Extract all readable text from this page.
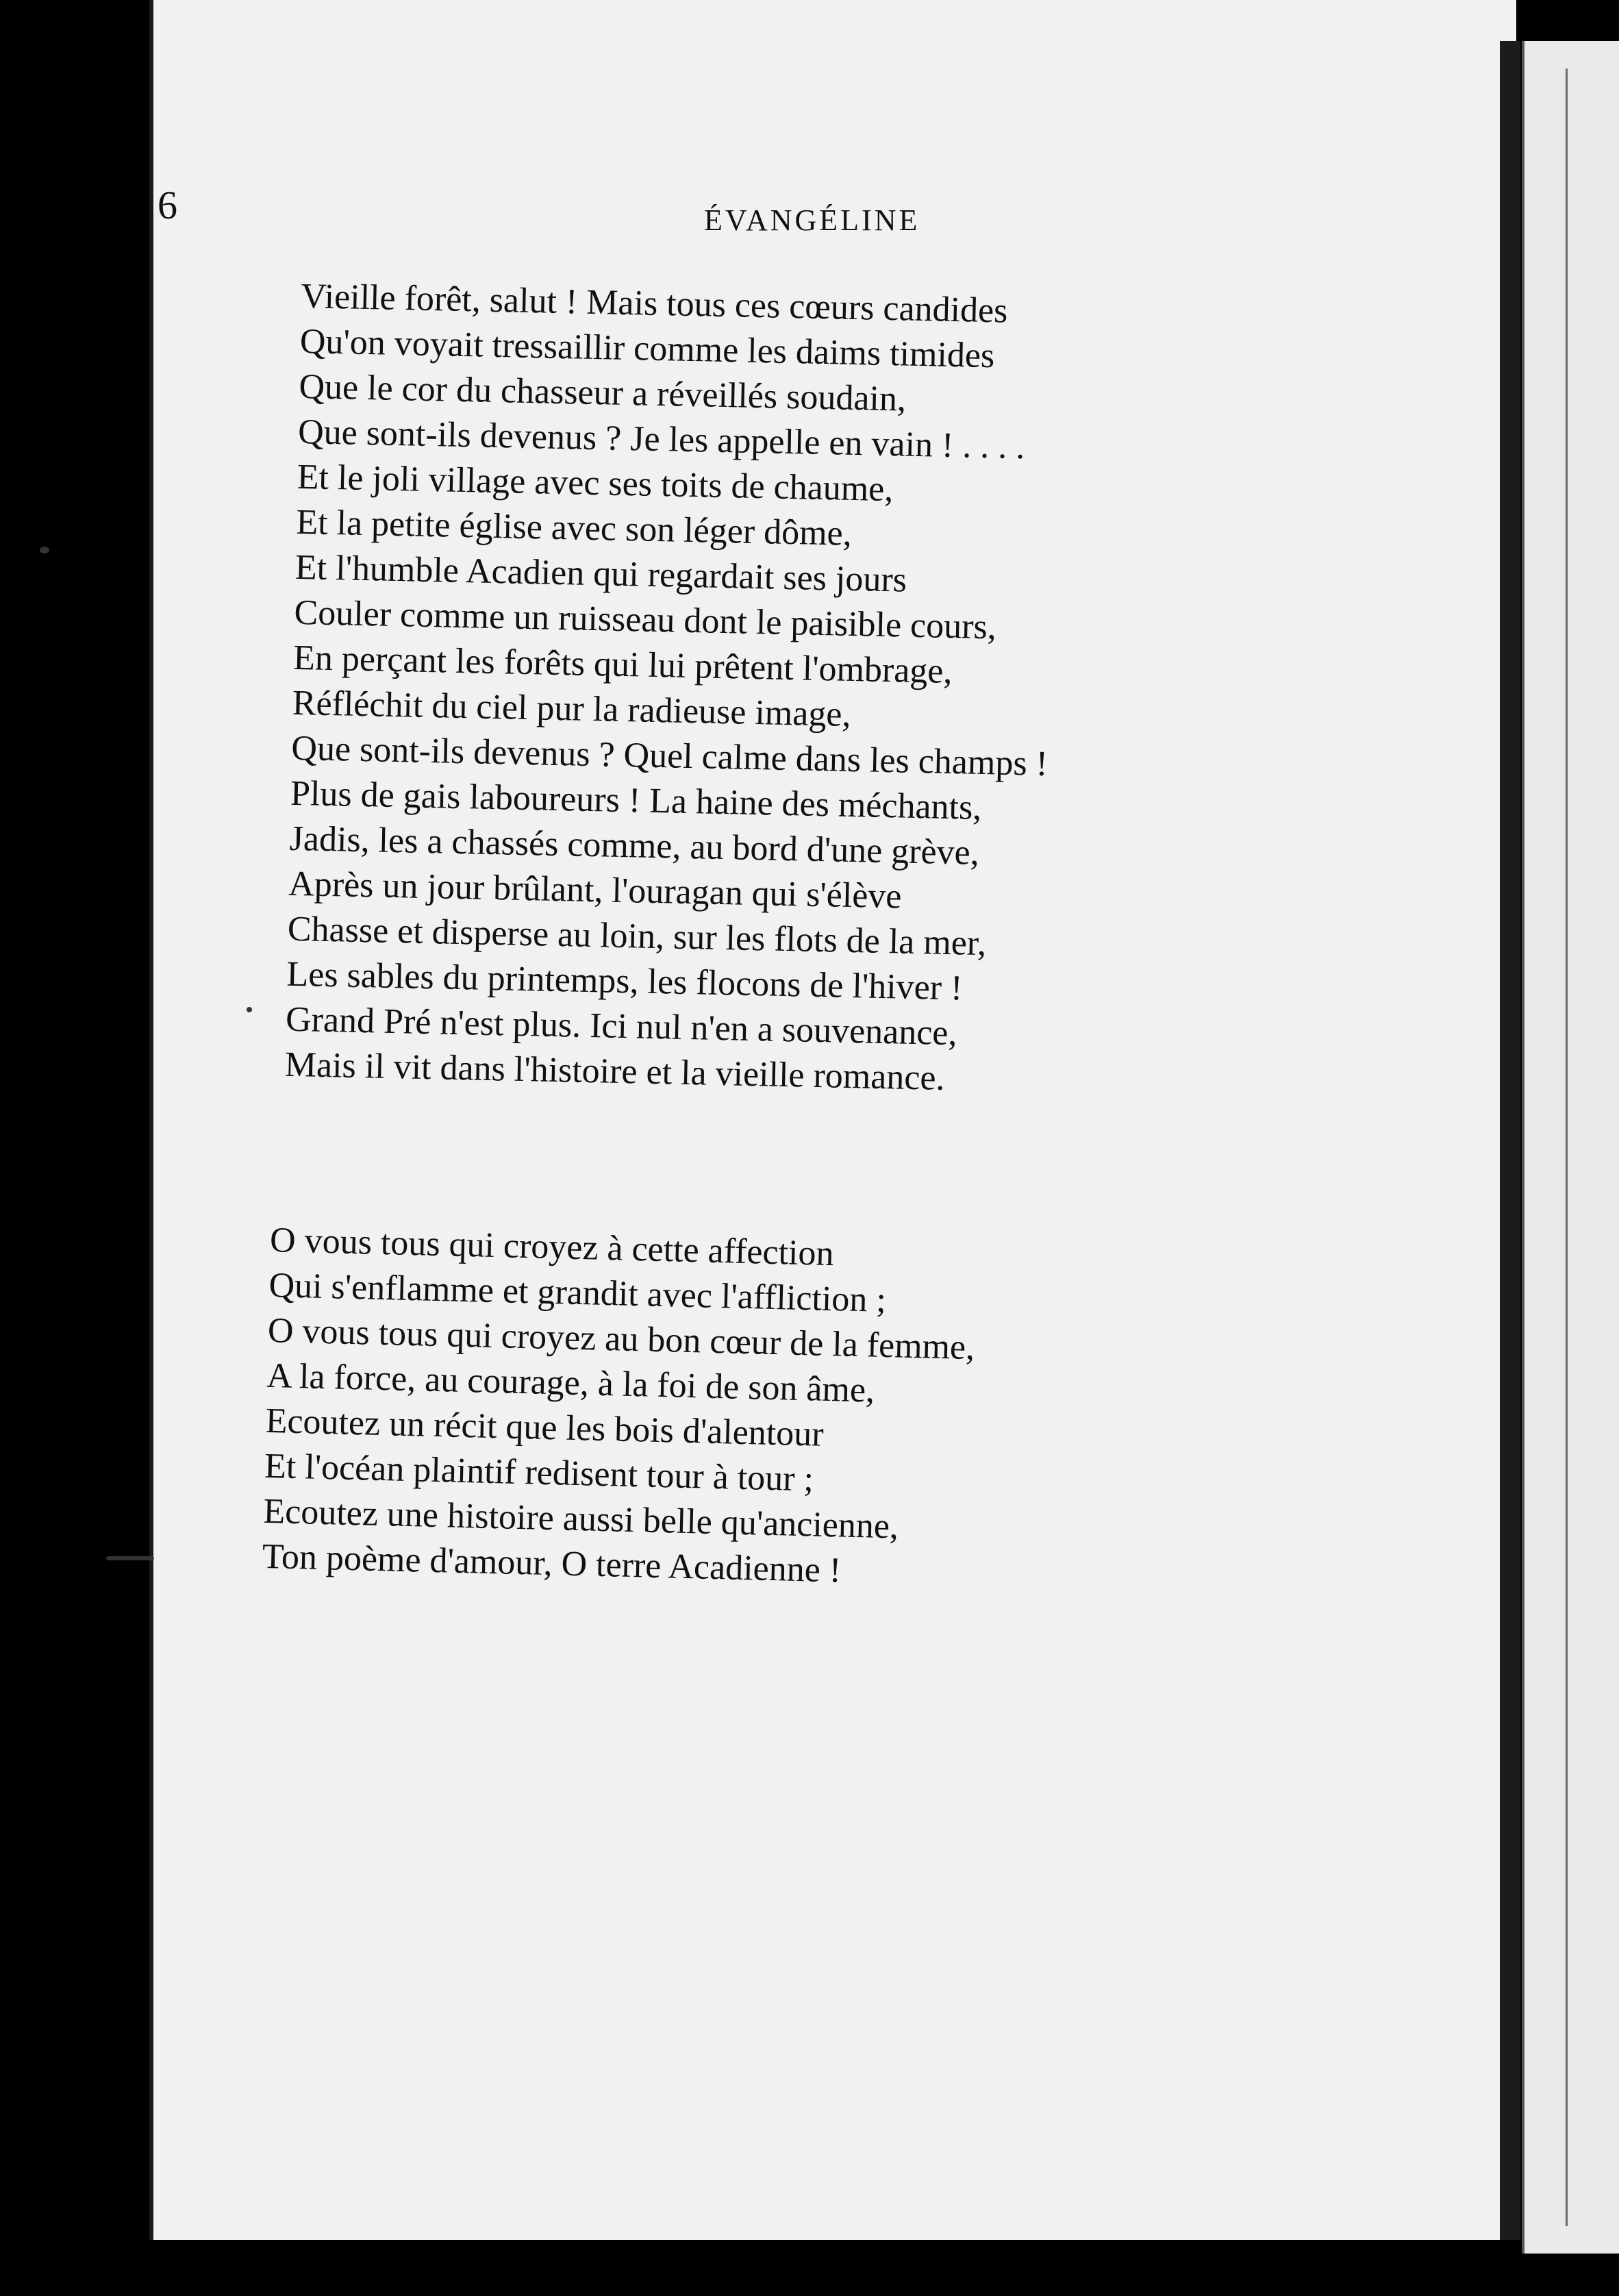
6	ÉVANGÉLINE
Vieille forêt, salut ! Mais tous ces cœurs candides
Qu'on voyait tressaillir comme les daims timides
Que le cor du chasseur a réveillés soudain,
Que sont-ils devenus ? Je les appelle en vain ! . . . .
Et le joli village avec ses toits de chaume,
Et la petite église avec son léger dôme,
Et l'humble Acadien qui regardait ses jours
Couler comme un ruisseau dont le paisible cours,
En perçant les forêts qui lui prêtent l'ombrage,
Réfléchit du ciel pur la radieuse image,
Que sont-ils devenus ? Quel calme dans les champs !
Plus de gais laboureurs ! La haine des méchants,
Jadis, les a chassés comme, au bord d'une grève,
Après un jour brûlant, l'ouragan qui s'élève
Chasse et disperse au loin, sur les flots de la mer,
Les sables du printemps, les flocons de l'hiver !
Grand Pré n'est plus. Ici nul n'en a souvenance,
Mais il vit dans l'histoire et la vieille romance.
O vous tous qui croyez à cette affection
Qui s'enflamme et grandit avec l'affliction ;
O vous tous qui croyez au bon cœur de la femme,
A la force, au courage, à la foi de son âme,
Ecoutez un récit que les bois d'alentour
Et l'océan plaintif redisent tour à tour ;
Ecoutez une histoire aussi belle qu'ancienne,
Ton poème d'amour, O terre Acadienne !
